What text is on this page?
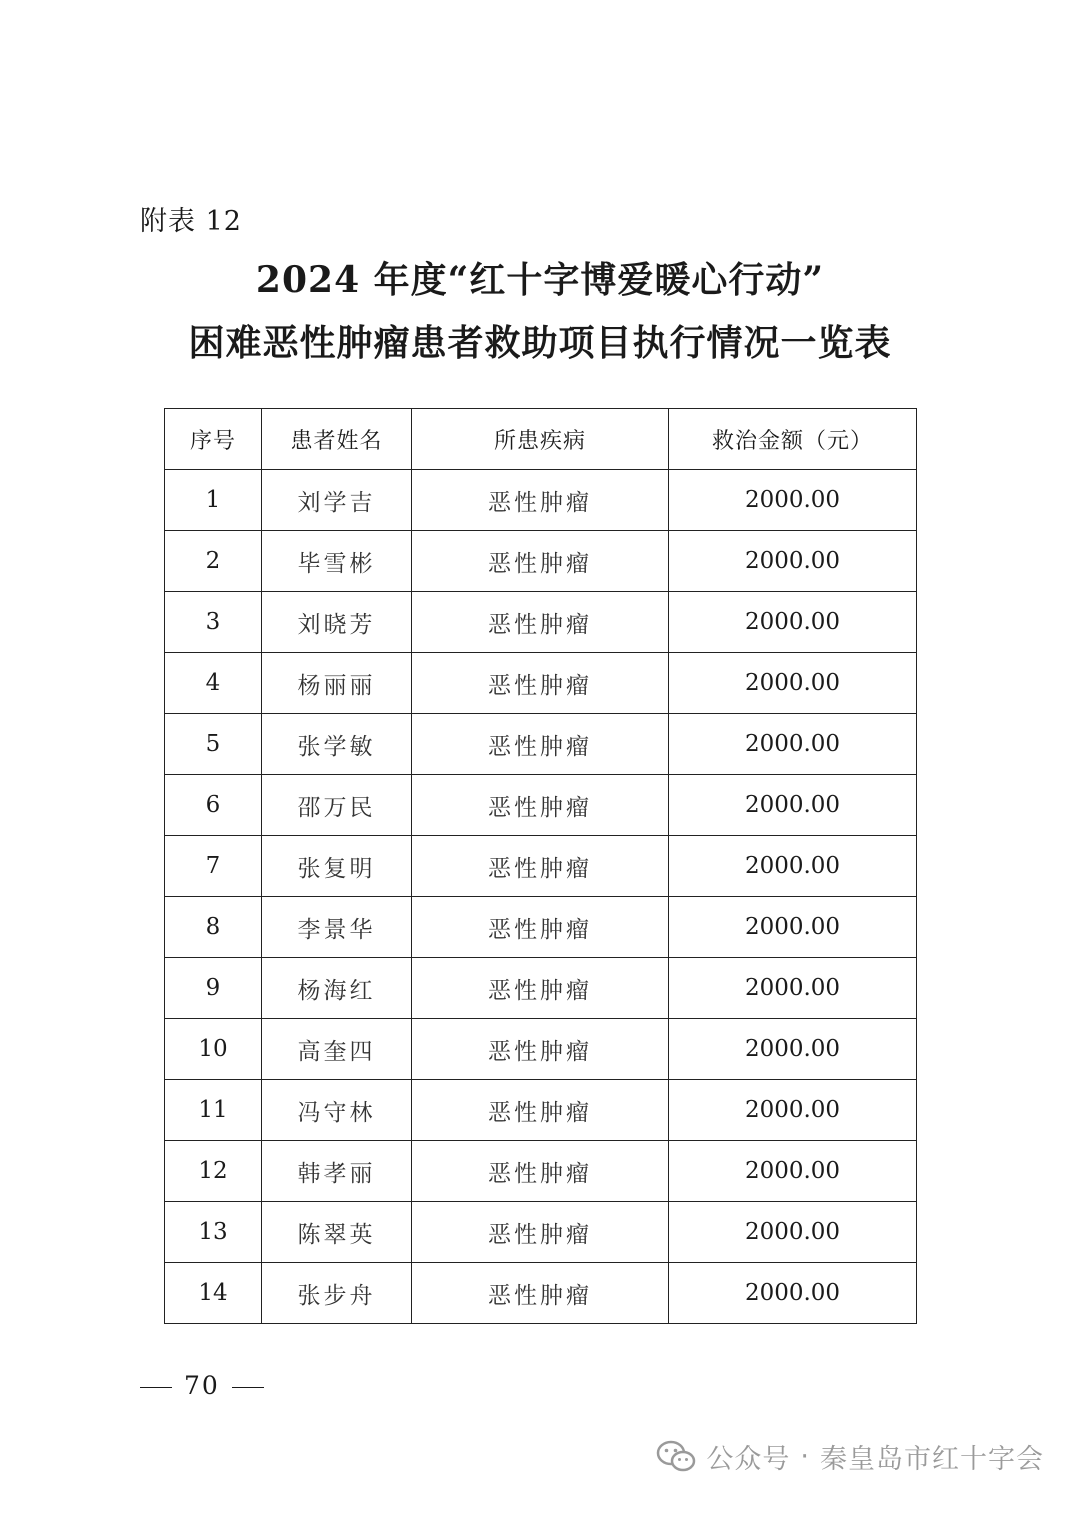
附表 12
2024 年度“红十字博爱暖心行动”
困难恶性肿瘤患者救助项目执行情况一览表
序号	患者姓名	所患疾病	救治金额（元）
1	刘学吉	恶性肿瘤	2000.00
2	毕雪彬	恶性肿瘤	2000.00
3	刘晓芳	恶性肿瘤	2000.00
4	杨丽丽	恶性肿瘤	2000.00
5	张学敏	恶性肿瘤	2000.00
6	邵万民	恶性肿瘤	2000.00
7	张复明	恶性肿瘤	2000.00
8	李景华	恶性肿瘤	2000.00
9	杨海红	恶性肿瘤	2000.00
10	高奎四	恶性肿瘤	2000.00
11	冯守林	恶性肿瘤	2000.00
12	韩孝丽	恶性肿瘤	2000.00
13	陈翠英	恶性肿瘤	2000.00
14	张步舟	恶性肿瘤	2000.00
70
公众号 · 秦皇岛市红十字会
